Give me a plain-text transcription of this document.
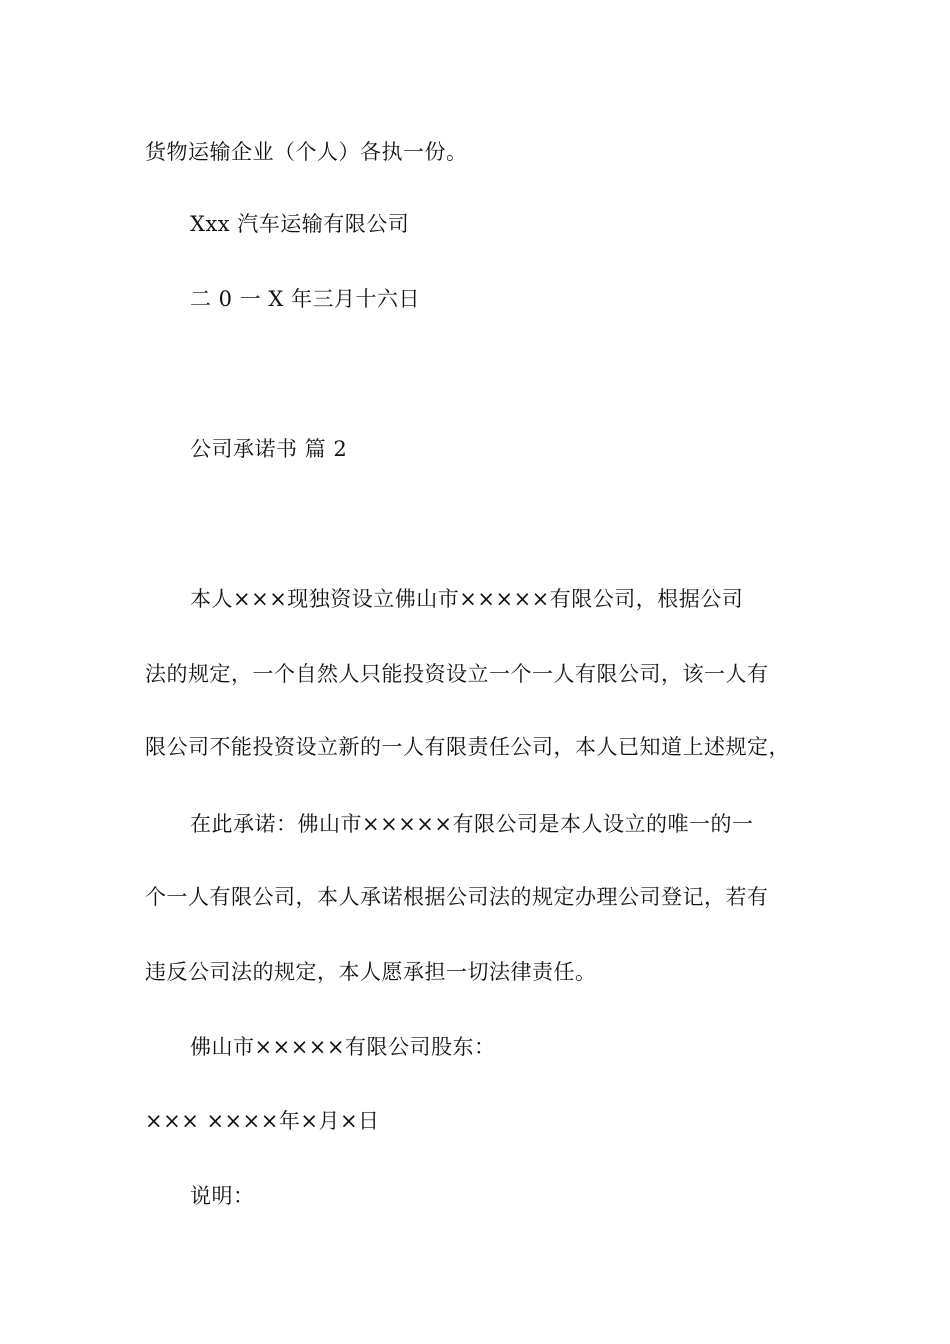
货物运输企业（个人）各执一份。
Xxx 汽车运输有限公司
二 0 一 X 年三月十六日
公司承诺书 篇 2
本人×××现独资设立佛山市×××××有限公司，根据公司
法的规定，一个自然人只能投资设立一个一人有限公司，该一人有
限公司不能投资设立新的一人有限责任公司，本人已知道上述规定，
在此承诺：佛山市×××××有限公司是本人设立的唯一的一
个一人有限公司，本人承诺根据公司法的规定办理公司登记，若有
违反公司法的规定，本人愿承担一切法律责任。
佛山市×××××有限公司股东：
××× ××××年×月×日
说明：
